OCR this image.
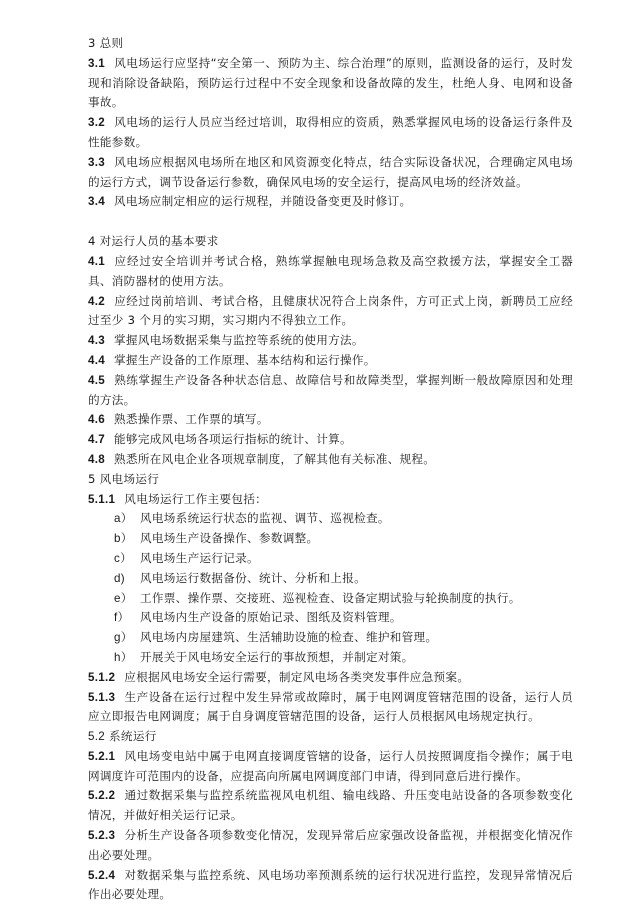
3 总则

3.1 风电场运行应坚持“安全第一、预防为主、综合治理”的原则，监测设备的运行，及时发现和消除设备缺陷，预防运行过程中不安全现象和设备故障的发生，杜绝人身、电网和设备事故。

3.2 风电场的运行人员应当经过培训，取得相应的资质，熟悉掌握风电场的设备运行条件及性能参数。

3.3 风电场应根据风电场所在地区和风资源变化特点，结合实际设备状况，合理确定风电场的运行方式，调节设备运行参数，确保风电场的安全运行，提高风电场的经济效益。

3.4 风电场应制定相应的运行规程，并随设备变更及时修订。

4 对运行人员的基本要求

4.1 应经过安全培训并考试合格，熟练掌握触电现场急救及高空救援方法，掌握安全工器具、消防器材的使用方法。

4.2 应经过岗前培训、考试合格，且健康状况符合上岗条件，方可正式上岗，新聘员工应经过至少 3 个月的实习期，实习期内不得独立工作。

4.3 掌握风电场数据采集与监控等系统的使用方法。

4.4 掌握生产设备的工作原理、基本结构和运行操作。

4.5 熟练掌握生产设备各种状态信息、故障信号和故障类型，掌握判断一般故障原因和处理的方法。

4.6 熟悉操作票、工作票的填写。

4.7 能够完成风电场各项运行指标的统计、计算。

4.8 熟悉所在风电企业各项规章制度，了解其他有关标准、规程。

5 风电场运行

5.1.1 风电场运行工作主要包括：

a） 风电场系统运行状态的监视、调节、巡视检查。

b） 风电场生产设备操作、参数调整。

c） 风电场生产运行记录。

d) 风电场运行数据备份、统计、分析和上报。

e） 工作票、操作票、交接班、巡视检查、设备定期试验与轮换制度的执行。

f） 风电场内生产设备的原始记录、图纸及资料管理。

g） 风电场内房屋建筑、生活辅助设施的检查、维护和管理。

h） 开展关于风电场安全运行的事故预想，并制定对策。

5.1.2 应根据风电场安全运行需要，制定风电场各类突发事件应急预案。

5.1.3 生产设备在运行过程中发生异常或故障时，属于电网调度管辖范围的设备，运行人员应立即报告电网调度；属于自身调度管辖范围的设备，运行人员根据风电场规定执行。

5.2 系统运行

5.2.1 风电场变电站中属于电网直接调度管辖的设备，运行人员按照调度指令操作；属于电网调度许可范围内的设备，应提高向所属电网调度部门申请，得到同意后进行操作。

5.2.2 通过数据采集与监控系统监视风电机组、输电线路、升压变电站设备的各项参数变化情况，并做好相关运行记录。

5.2.3 分析生产设备各项参数变化情况，发现异常后应家强改设备监视，并根据变化情况作出必要处理。

5.2.4 对数据采集与监控系统、风电场功率预测系统的运行状况进行监控，发现异常情况后作出必要处理。
